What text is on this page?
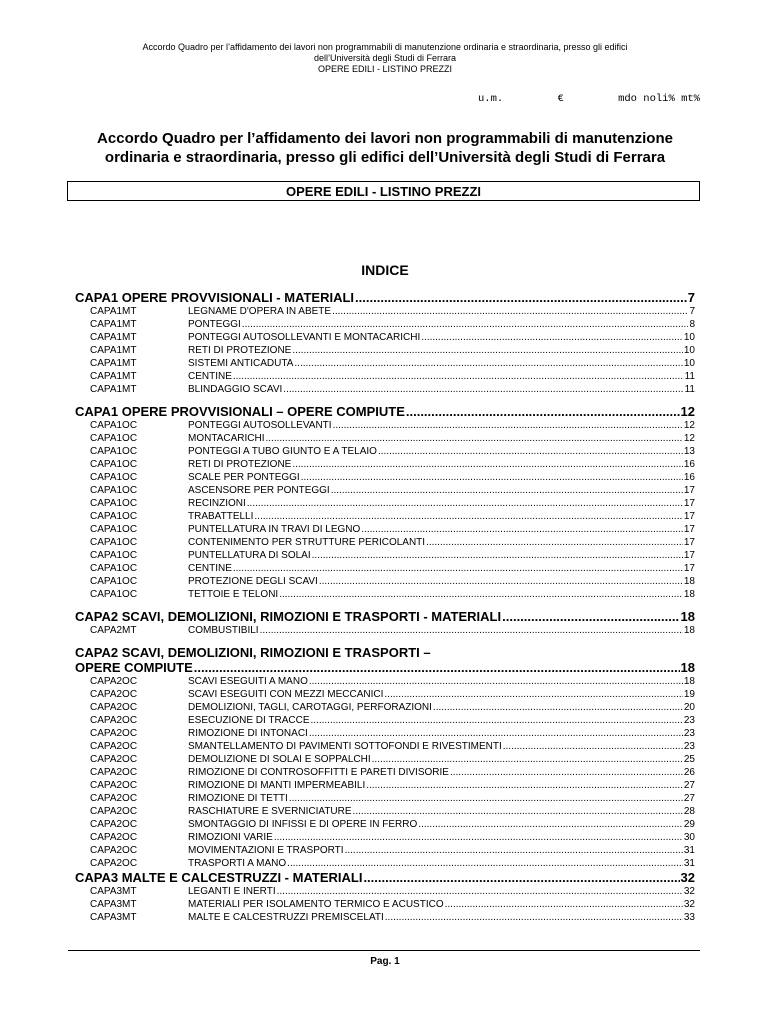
Accordo Quadro per l’affidamento dei lavori non programmabili di manutenzione ordinaria e straordinaria, presso gli edifici
dell’Università degli Studi di Ferrara
OPERE EDILI - LISTINO PREZZI
u.m.	€	mdo noli% mt%
Accordo Quadro per l’affidamento dei lavori non programmabili di manutenzione
ordinaria e straordinaria, presso gli edifici dell’Università degli Studi di Ferrara
OPERE EDILI - LISTINO PREZZI
INDICE
CAPA1 OPERE PROVVISIONALI - MATERIALI .....	7
CAPA1MT	LEGNAME D'OPERA IN ABETE .....	7
CAPA1MT	PONTEGGI .....	8
CAPA1MT	PONTEGGI AUTOSOLLEVANTI E MONTACARICHI .....	10
CAPA1MT	RETI DI PROTEZIONE .....	10
CAPA1MT	SISTEMI ANTICADUTA .....	10
CAPA1MT	CENTINE .....	11
CAPA1MT	BLINDAGGIO SCAVI .....	11
CAPA1 OPERE PROVVISIONALI – OPERE COMPIUTE .....	12
CAPA1OC	PONTEGGI AUTOSOLLEVANTI .....	12
CAPA1OC	MONTACARICHI .....	12
CAPA1OC	PONTEGGI A TUBO GIUNTO E A TELAIO .....	13
CAPA1OC	RETI DI PROTEZIONE .....	16
CAPA1OC	SCALE PER PONTEGGI .....	16
CAPA1OC	ASCENSORE PER PONTEGGI .....	17
CAPA1OC	RECINZIONI .....	17
CAPA1OC	TRABATTELLI .....	17
CAPA1OC	PUNTELLATURA IN TRAVI DI LEGNO .....	17
CAPA1OC	CONTENIMENTO PER STRUTTURE PERICOLANTI .....	17
CAPA1OC	PUNTELLATURA DI SOLAI .....	17
CAPA1OC	CENTINE .....	17
CAPA1OC	PROTEZIONE DEGLI SCAVI .....	18
CAPA1OC	TETTOIE E TELONI .....	18
CAPA2 SCAVI, DEMOLIZIONI, RIMOZIONI E TRASPORTI - MATERIALI .....	18
CAPA2MT	COMBUSTIBILI .....	18
CAPA2 SCAVI, DEMOLIZIONI, RIMOZIONI E TRASPORTI –
OPERE COMPIUTE .....	18
CAPA2OC	SCAVI ESEGUITI A MANO .....	18
CAPA2OC	SCAVI ESEGUITI CON MEZZI MECCANICI .....	19
CAPA2OC	DEMOLIZIONI, TAGLI, CAROTAGGI, PERFORAZIONI .....	20
CAPA2OC	ESECUZIONE DI TRACCE .....	23
CAPA2OC	RIMOZIONE DI INTONACI .....	23
CAPA2OC	SMANTELLAMENTO DI PAVIMENTI SOTTOFONDI E RIVESTIMENTI .....	23
CAPA2OC	DEMOLIZIONE DI SOLAI E SOPPALCHI .....	25
CAPA2OC	RIMOZIONE DI CONTROSOFFITTI E PARETI DIVISORIE .....	26
CAPA2OC	RIMOZIONE DI MANTI IMPERMEABILI .....	27
CAPA2OC	RIMOZIONE DI TETTI .....	27
CAPA2OC	RASCHIATURE E SVERNICIATURE .....	28
CAPA2OC	SMONTAGGIO DI INFISSI E DI OPERE IN FERRO .....	29
CAPA2OC	RIMOZIONI VARIE .....	30
CAPA2OC	MOVIMENTAZIONI E TRASPORTI .....	31
CAPA2OC	TRASPORTI A MANO .....	31
CAPA3 MALTE E CALCESTRUZZI - MATERIALI .....	32
CAPA3MT	LEGANTI E INERTI .....	32
CAPA3MT	MATERIALI PER ISOLAMENTO TERMICO E ACUSTICO .....	32
CAPA3MT	MALTE E CALCESTRUZZI PREMISCELATI .....	33
Pag. 1
